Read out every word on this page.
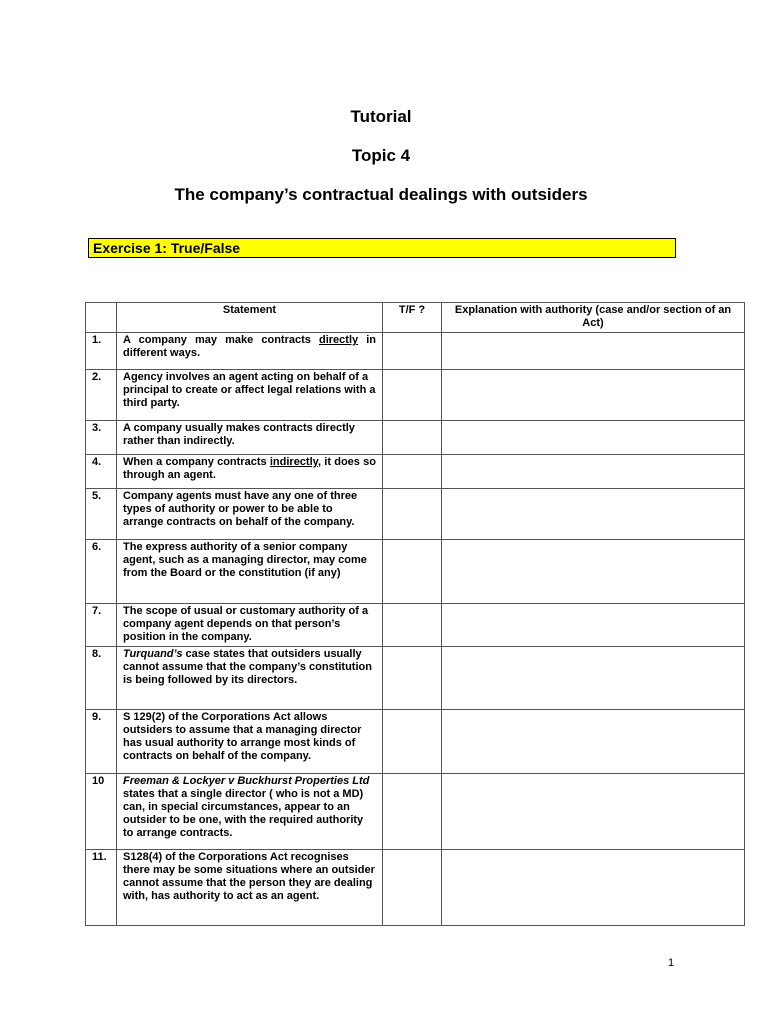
Tutorial
Topic 4
The company’s contractual dealings with outsiders
Exercise 1: True/False
	Statement	T/F ?	Explanation with authority (case and/or section of an Act)
1.	A company may make contracts directly in different ways.		
2.	Agency involves an agent acting on behalf of a principal to create or affect legal relations with a third party.		
3.	A company usually makes contracts directly rather than indirectly.		
4.	When a company contracts indirectly, it does so through an agent.		
5.	Company agents must have any one of three types of authority or power to be able to arrange contracts on behalf of the company.		
6.	The express authority of a senior company agent, such as a managing director, may come from the Board or the constitution (if any)		
7.	The scope of usual or customary authority of a company agent depends on that person’s position in the company.		
8.	Turquand’s case states that outsiders usually cannot assume that the company’s constitution is being followed by its directors.		
9.	S 129(2) of the Corporations Act allows outsiders to assume that a managing director has usual authority to arrange most kinds of contracts on behalf of the company.		
10	Freeman & Lockyer v Buckhurst Properties Ltd states that a single director ( who is not a MD) can, in special circumstances, appear to an outsider to be one, with the required authority to arrange contracts.		
11.	S128(4) of the Corporations Act recognises there may be some situations where an outsider cannot assume that the person they are dealing with, has authority to act as an agent.		
1
